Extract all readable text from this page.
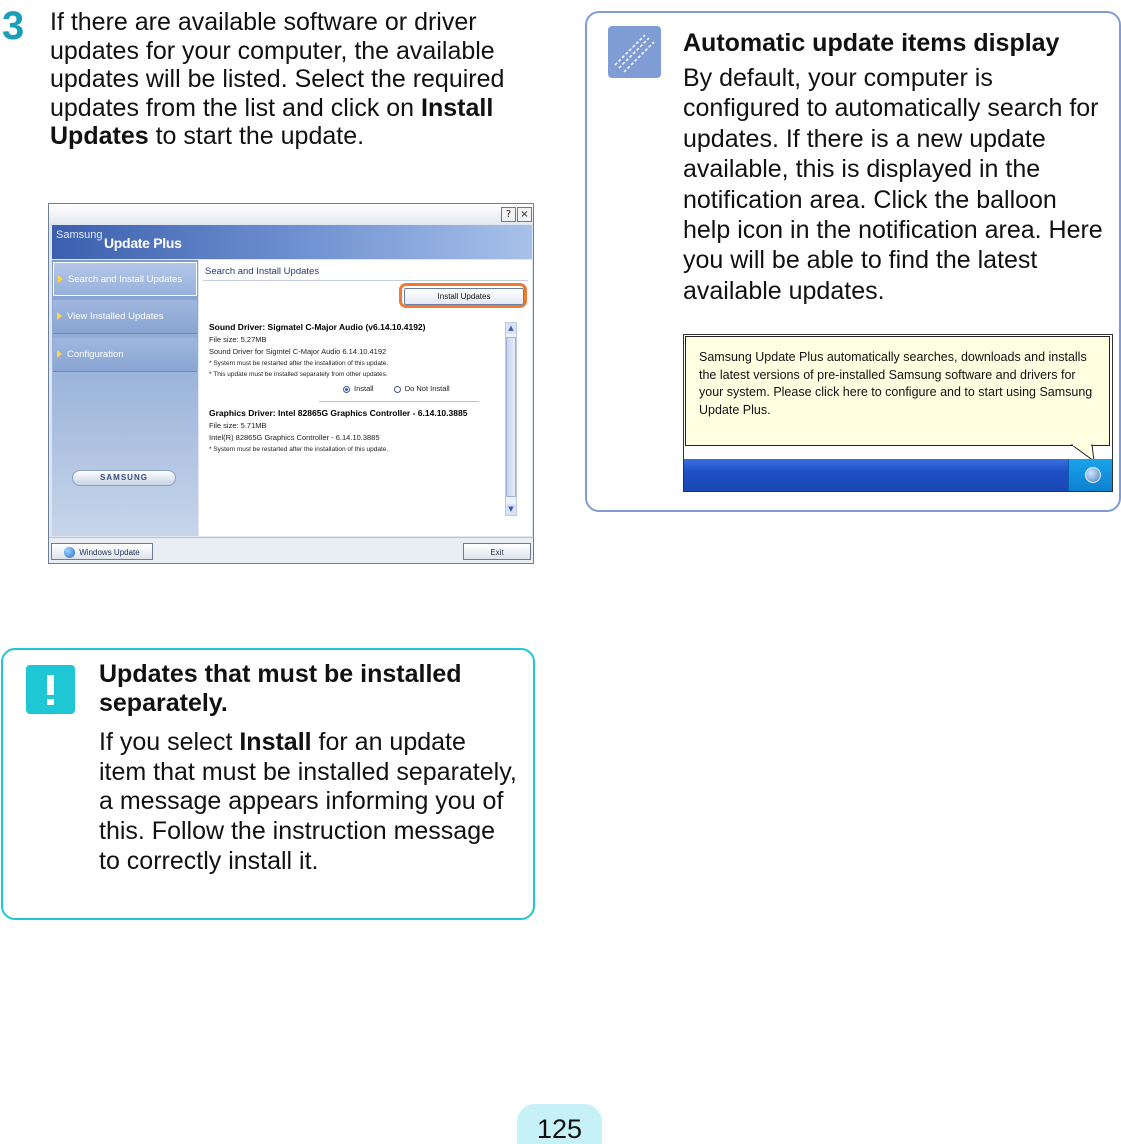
3 If there are available software or driver updates for your computer, the available updates will be listed. Select the required updates from the list and click on Install Updates to start the update.
? ×
Samsung Update Plus
Search and Install Updates
View Installed Updates
Configuration
SAMSUNG
Search and Install Updates
Install Updates
Sound Driver: Sigmatel C-Major Audio (v6.14.10.4192)
File size: 5.27MB
Sound Driver for Sigmtel C-Major Audio 6.14.10.4192
* System must be restarted after the installation of this update.
* This update must be installed separately from other updates.
Install	Do Not Install
Graphics Driver: Intel 82865G Graphics Controller - 6.14.10.3885
File size: 5.71MB
Intel(R) 82865G Graphics Controller - 6.14.10.3885
* System must be restarted after the installation of this update.
▲
▼
Windows Update	Exit
Updates that must be installed separately.
If you select Install for an update item that must be installed separately, a message appears informing you of this. Follow the instruction message to correctly install it.
Automatic update items display
By default, your computer is configured to automatically search for updates. If there is a new update available, this is displayed in the notification area. Click the balloon help icon in the notification area. Here you will be able to find the latest available updates.
Samsung Update Plus automatically searches, downloads and installs the latest versions of pre-installed Samsung software and drivers for your system. Please click here to configure and to start using Samsung Update Plus.
125
